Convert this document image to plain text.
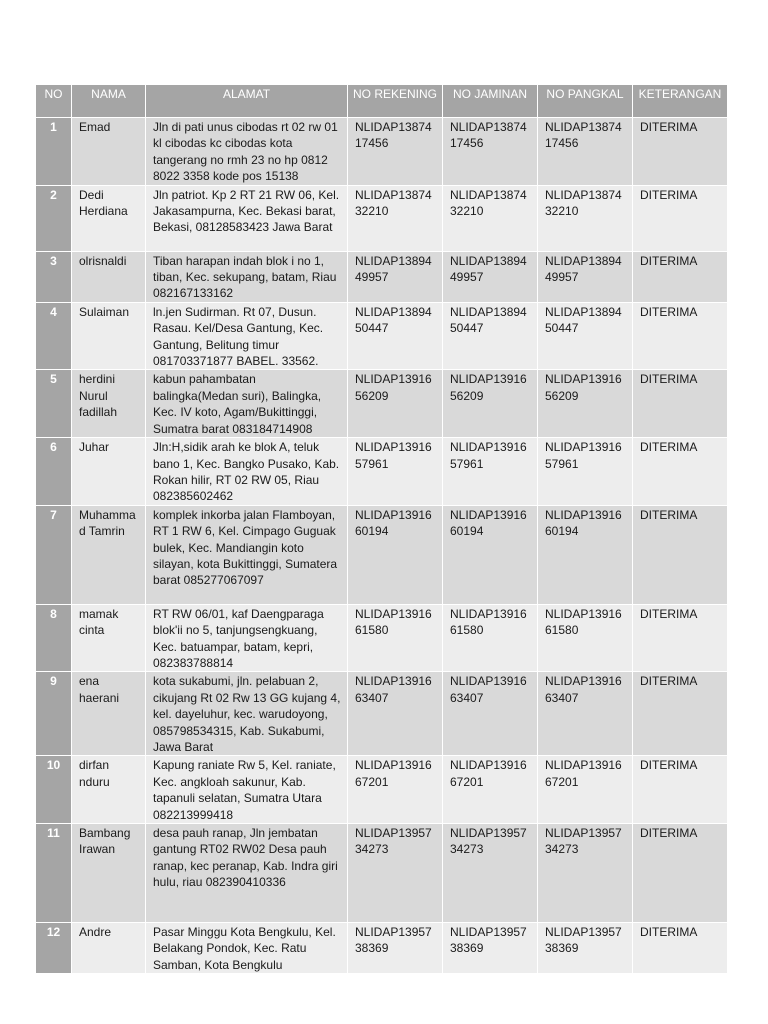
NO	NAMA	ALAMAT	NO REKENING	NO JAMINAN	NO PANGKAL	KETERANGAN
1	Emad	Jln di pati unus cibodas rt 02 rw 01 kl cibodas kc cibodas kota tangerang no rmh 23 no hp 0812 8022 3358 kode pos 15138	NLIDAP1387417456	NLIDAP1387417456	NLIDAP1387417456	DITERIMA
2	Dedi Herdiana	Jln patriot. Kp 2 RT 21 RW 06, Kel. Jakasampurna, Kec. Bekasi barat, Bekasi, 08128583423 Jawa Barat	NLIDAP1387432210	NLIDAP1387432210	NLIDAP1387432210	DITERIMA
3	olrisnaldi	Tiban harapan indah blok i no 1, tiban, Kec. sekupang, batam, Riau 082167133162	NLIDAP1389449957	NLIDAP1389449957	NLIDAP1389449957	DITERIMA
4	Sulaiman	ln.jen Sudirman. Rt 07, Dusun. Rasau. Kel/Desa Gantung, Kec. Gantung, Belitung timur 081703371877 BABEL. 33562.	NLIDAP1389450447	NLIDAP1389450447	NLIDAP1389450447	DITERIMA
5	herdini Nurul fadillah	kabun pahambatan balingka(Medan suri), Balingka, Kec. IV koto, Agam/Bukittinggi, Sumatra barat 083184714908	NLIDAP1391656209	NLIDAP1391656209	NLIDAP1391656209	DITERIMA
6	Juhar	Jln:H,sidik arah ke blok A, teluk bano 1, Kec. Bangko Pusako, Kab. Rokan hilir, RT 02 RW 05, Riau 082385602462	NLIDAP1391657961	NLIDAP1391657961	NLIDAP1391657961	DITERIMA
7	Muhammad Tamrin	komplek inkorba jalan Flamboyan, RT 1 RW 6, Kel. Cimpago Guguak bulek, Kec. Mandiangin koto silayan, kota Bukittinggi, Sumatera barat 085277067097	NLIDAP1391660194	NLIDAP1391660194	NLIDAP1391660194	DITERIMA
8	mamak cinta	RT RW 06/01, kaf Daengparaga blok'ii no 5, tanjungsengkuang, Kec. batuampar, batam, kepri, 082383788814	NLIDAP1391661580	NLIDAP1391661580	NLIDAP1391661580	DITERIMA
9	ena haerani	kota sukabumi, jln. pelabuan 2, cikujang Rt 02 Rw 13 GG kujang 4, kel. dayeluhur, kec. warudoyong, 085798534315, Kab. Sukabumi, Jawa Barat	NLIDAP1391663407	NLIDAP1391663407	NLIDAP1391663407	DITERIMA
10	dirfan nduru	Kapung raniate Rw 5, Kel. raniate, Kec. angkloah sakunur, Kab. tapanuli selatan, Sumatra Utara 082213999418	NLIDAP1391667201	NLIDAP1391667201	NLIDAP1391667201	DITERIMA
11	Bambang Irawan	desa pauh ranap, Jln jembatan gantung RT02 RW02 Desa pauh ranap, kec peranap, Kab. Indra giri hulu, riau 082390410336	NLIDAP1395734273	NLIDAP1395734273	NLIDAP1395734273	DITERIMA
12	Andre	Pasar Minggu Kota Bengkulu, Kel. Belakang Pondok, Kec. Ratu Samban, Kota Bengkulu	NLIDAP1395738369	NLIDAP1395738369	NLIDAP1395738369	DITERIMA
